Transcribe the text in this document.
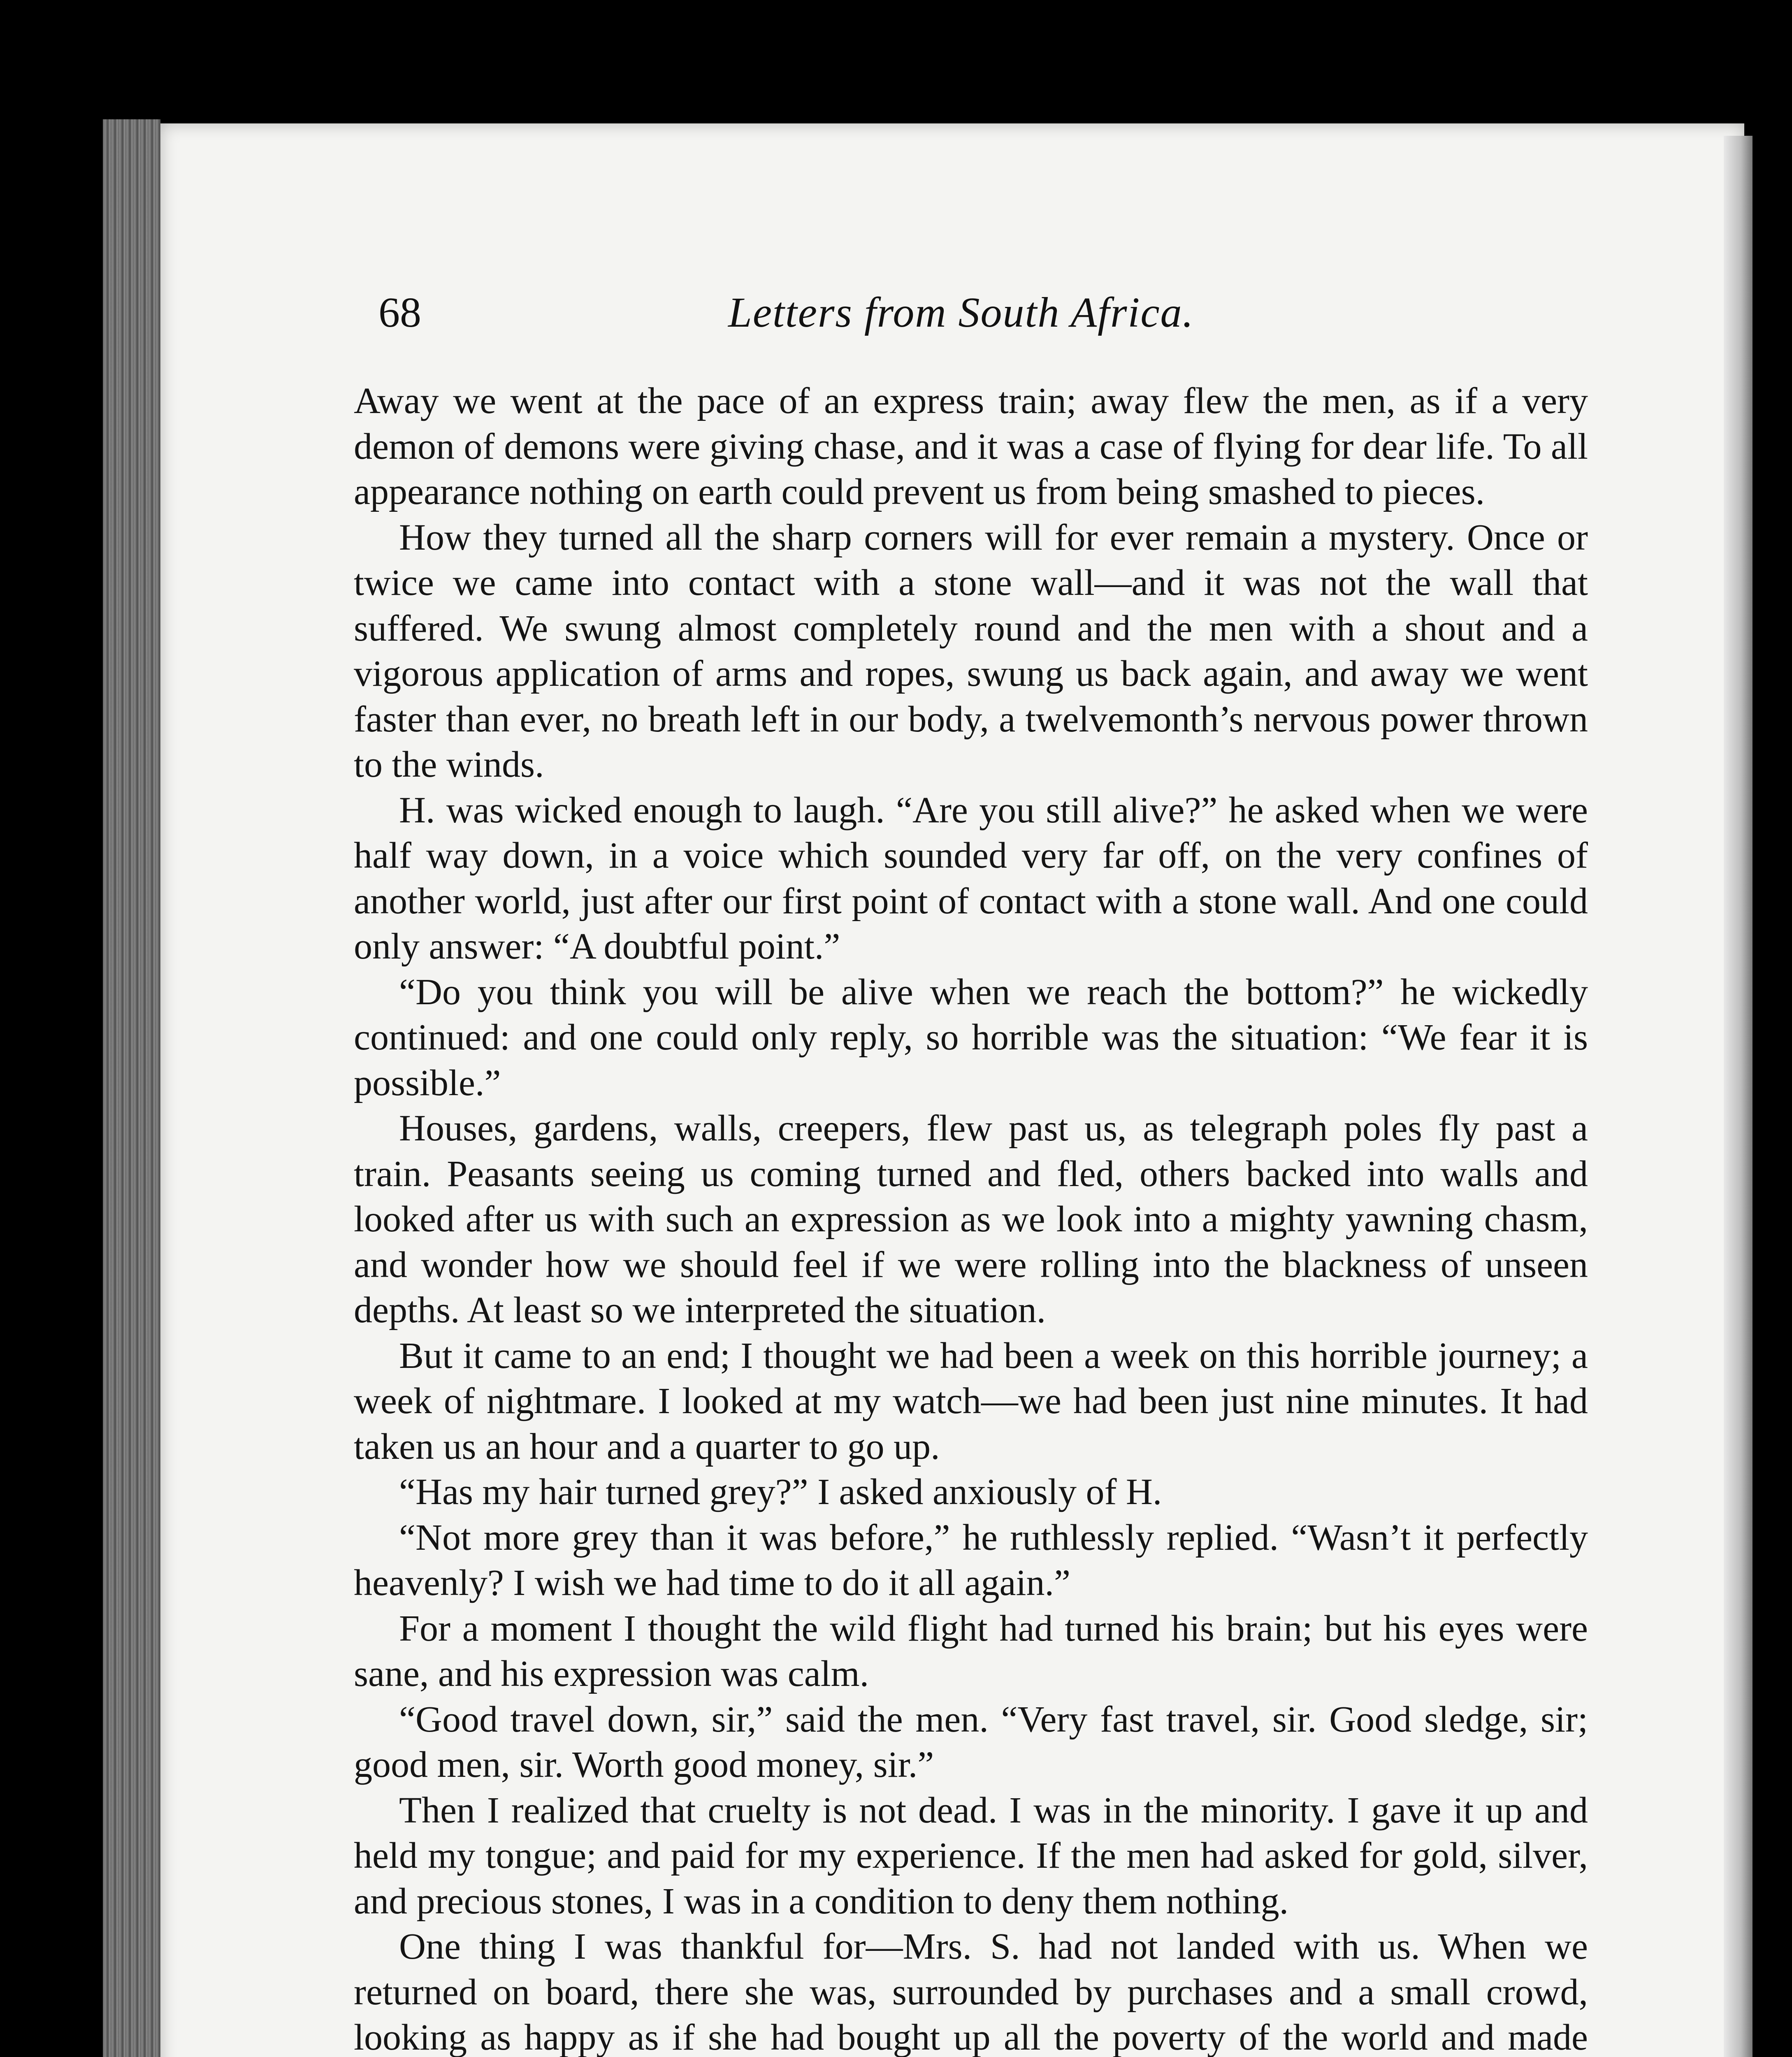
68	Letters from South Africa.

Away we went at the pace of an express train; away flew the men, as if a very demon of demons were giving chase, and it was a case of flying for dear life. To all appearance nothing on earth could prevent us from being smashed to pieces.

How they turned all the sharp corners will for ever remain a mystery. Once or twice we came into contact with a stone wall—and it was not the wall that suffered. We swung almost completely round and the men with a shout and a vigorous application of arms and ropes, swung us back again, and away we went faster than ever, no breath left in our body, a twelvemonth’s nervous power thrown to the winds.

H. was wicked enough to laugh. “Are you still alive?” he asked when we were half way down, in a voice which sounded very far off, on the very confines of another world, just after our first point of contact with a stone wall. And one could only answer: “A doubtful point.”

“Do you think you will be alive when we reach the bottom?” he wickedly continued: and one could only reply, so horrible was the situation: “We fear it is possible.”

Houses, gardens, walls, creepers, flew past us, as telegraph poles fly past a train. Peasants seeing us coming turned and fled, others backed into walls and looked after us with such an expression as we look into a mighty yawning chasm, and wonder how we should feel if we were rolling into the blackness of unseen depths. At least so we interpreted the situation.

But it came to an end; I thought we had been a week on this horrible journey; a week of nightmare. I looked at my watch—we had been just nine minutes. It had taken us an hour and a quarter to go up.

“Has my hair turned grey?” I asked anxiously of H.

“Not more grey than it was before,” he ruthlessly replied. “Wasn’t it perfectly heavenly? I wish we had time to do it all again.”

For a moment I thought the wild flight had turned his brain; but his eyes were sane, and his expression was calm.

“Good travel down, sir,” said the men. “Very fast travel, sir. Good sledge, sir; good men, sir. Worth good money, sir.”

Then I realized that cruelty is not dead. I was in the minority. I gave it up and held my tongue; and paid for my experience. If the men had asked for gold, silver, and precious stones, I was in a condition to deny them nothing.

One thing I was thankful for—Mrs. S. had not landed with us. When we returned on board, there she was, surrounded by purchases and a small crowd, looking as happy as if she had bought up all the poverty of the world and made
